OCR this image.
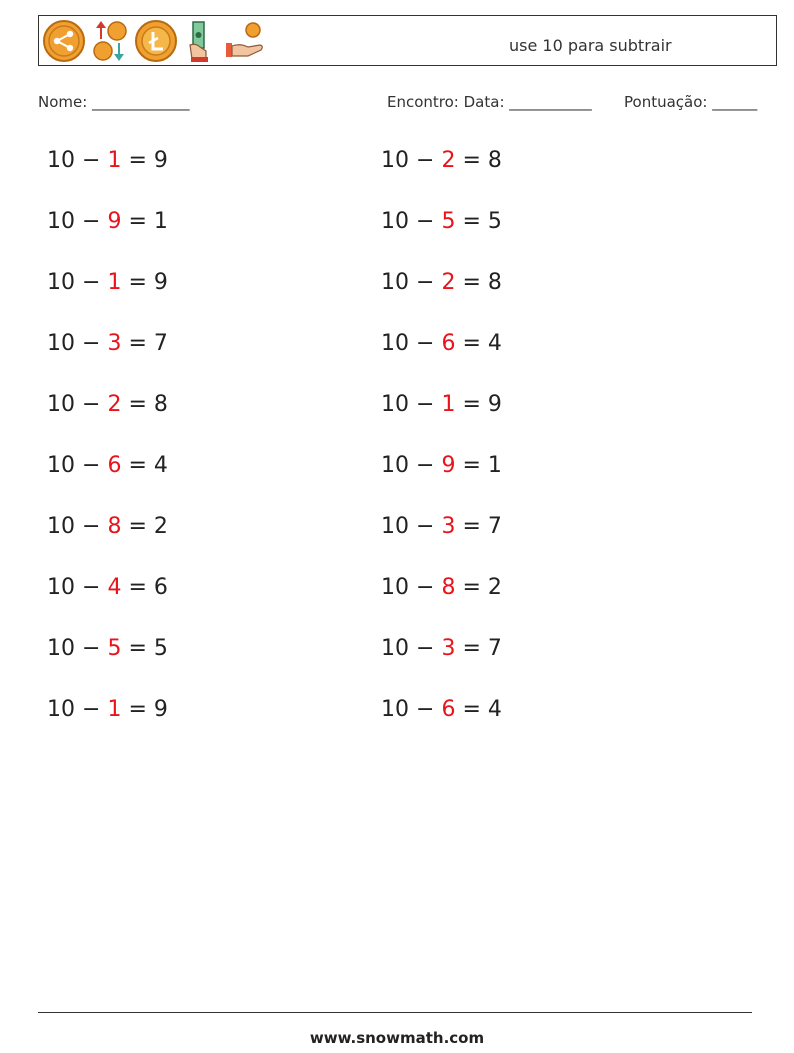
use 10 para subtrair
Nome: _____________	Encontro: Data: ___________ Pontuação: ______
10 − 1 = 9
10 − 9 = 1
10 − 1 = 9
10 − 3 = 7
10 − 2 = 8
10 − 6 = 4
10 − 8 = 2
10 − 4 = 6
10 − 5 = 5
10 − 1 = 9
10 − 2 = 8
10 − 5 = 5
10 − 2 = 8
10 − 6 = 4
10 − 1 = 9
10 − 9 = 1
10 − 3 = 7
10 − 8 = 2
10 − 3 = 7
10 − 6 = 4
www.snowmath.com
